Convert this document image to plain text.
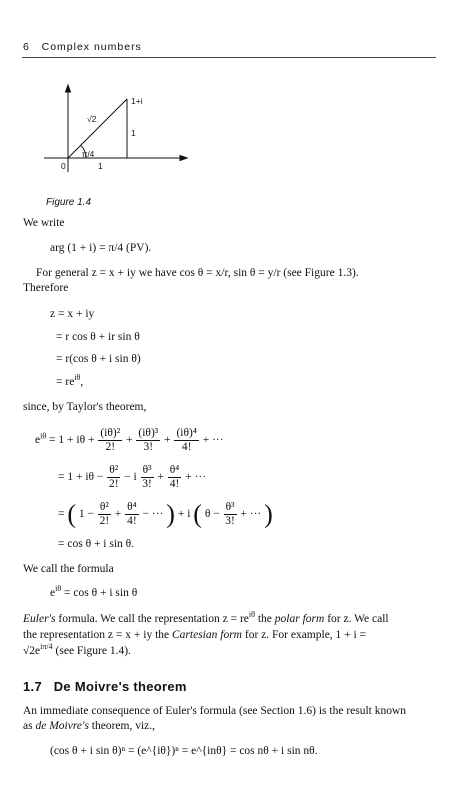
6 Complex numbers
1+i
√2
1
π/4
0	1
Figure 1.4
We write
arg (1 + i) = π/4 (PV).
For general z = x + iy we have cos θ = x/r, sin θ = y/r (see Figure 1.3).

Therefore
z = x + iy
= r cos θ + ir sin θ
= r(cos θ + i sin θ)
= $re^{i\theta}$,
since, by Taylor's theorem,
$e^{i\theta} = 1 + i\theta + \frac{\text{(iθ)²}}{2!} + \frac{\text{(iθ)³}}{3!} + \frac{\text{(iθ)⁴}}{4!}$ + ···
= $1 + i\theta - \frac{\text{θ²}}{2!} - i \frac{\text{θ³}}{3!} + \frac{\text{θ⁴}}{4!}$ + ···
= ( $1 - \frac{\text{θ²}}{2!} + \frac{\text{θ⁴}}{4!}$ − ··· ) + i ( $\theta - \frac{\text{θ³}}{3!}$ + ··· )
= cos θ + i sin θ.
We call the formula
$e^{i\theta} = \cos \theta + i$ sin θ
Euler's formula. We call the representation $z = re^{i\theta}$ the polar form for z. We call
the representation z = x + iy the Cartesian form for z. For example, 1 + i =
$√2e^{i\pi/4}$ (see Figure 1.4).
1.7 De Moivre's theorem
An immediate consequence of Euler's formula (see Section 1.6) is the result known
as de Moivre's theorem, viz.,
(cos θ + i sin θ)ⁿ = (e^{iθ})ⁿ = e^{inθ} = cos nθ + i sin nθ.
